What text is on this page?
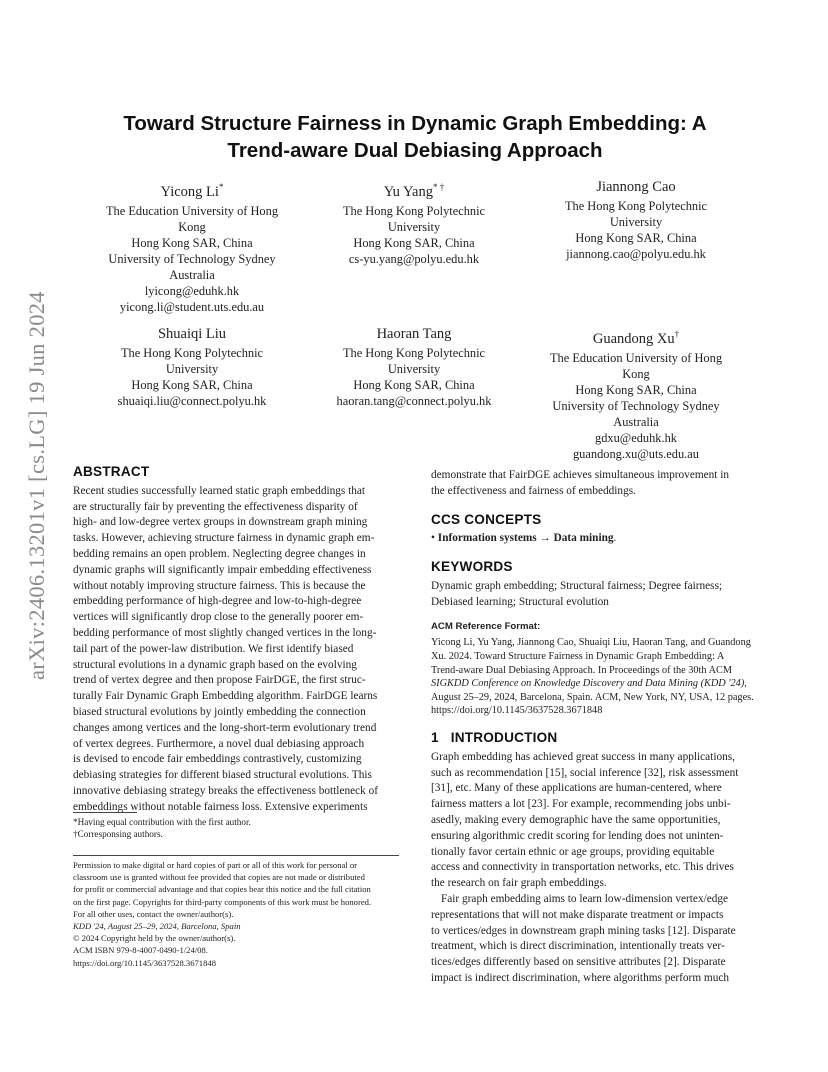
arXiv:2406.13201v1 [cs.LG] 19 Jun 2024
Toward Structure Fairness in Dynamic Graph Embedding: A
Trend-aware Dual Debiasing Approach
Yicong Li*
The Education University of Hong
Kong
Hong Kong SAR, China
University of Technology Sydney
Australia
lyicong@eduhk.hk
yicong.li@student.uts.edu.au
Yu Yang* †
The Hong Kong Polytechnic
University
Hong Kong SAR, China
cs-yu.yang@polyu.edu.hk
Jiannong Cao
The Hong Kong Polytechnic
University
Hong Kong SAR, China
jiannong.cao@polyu.edu.hk
Shuaiqi Liu
The Hong Kong Polytechnic
University
Hong Kong SAR, China
shuaiqi.liu@connect.polyu.hk
Haoran Tang
The Hong Kong Polytechnic
University
Hong Kong SAR, China
haoran.tang@connect.polyu.hk
Guandong Xu†
The Education University of Hong
Kong
Hong Kong SAR, China
University of Technology Sydney
Australia
gdxu@eduhk.hk
guandong.xu@uts.edu.au
ABSTRACT
Recent studies successfully learned static graph embeddings that
are structurally fair by preventing the effectiveness disparity of
high- and low-degree vertex groups in downstream graph mining
tasks. However, achieving structure fairness in dynamic graph em-
bedding remains an open problem. Neglecting degree changes in
dynamic graphs will significantly impair embedding effectiveness
without notably improving structure fairness. This is because the
embedding performance of high-degree and low-to-high-degree
vertices will significantly drop close to the generally poorer em-
bedding performance of most slightly changed vertices in the long-
tail part of the power-law distribution. We first identify biased
structural evolutions in a dynamic graph based on the evolving
trend of vertex degree and then propose FairDGE, the first struc-
turally Fair Dynamic Graph Embedding algorithm. FairDGE learns
biased structural evolutions by jointly embedding the connection
changes among vertices and the long-short-term evolutionary trend
of vertex degrees. Furthermore, a novel dual debiasing approach
is devised to encode fair embeddings contrastively, customizing
debiasing strategies for different biased structural evolutions. This
innovative debiasing strategy breaks the effectiveness bottleneck of
embeddings without notable fairness loss. Extensive experiments
*Having equal contribution with the first author.
†Corresponsing authors.
Permission to make digital or hard copies of part or all of this work for personal or
classroom use is granted without fee provided that copies are not made or distributed
for profit or commercial advantage and that copies bear this notice and the full citation
on the first page. Copyrights for third-party components of this work must be honored.
For all other uses, contact the owner/author(s).
KDD '24, August 25–29, 2024, Barcelona, Spain
© 2024 Copyright held by the owner/author(s).
ACM ISBN 979-8-4007-0490-1/24/08.
https://doi.org/10.1145/3637528.3671848
demonstrate that FairDGE achieves simultaneous improvement in
the effectiveness and fairness of embeddings.
CCS CONCEPTS
• Information systems → Data mining.
KEYWORDS
Dynamic graph embedding; Structural fairness; Degree fairness;
Debiased learning; Structural evolution
ACM Reference Format:
Yicong Li, Yu Yang, Jiannong Cao, Shuaiqi Liu, Haoran Tang, and Guandong
Xu. 2024. Toward Structure Fairness in Dynamic Graph Embedding: A
Trend-aware Dual Debiasing Approach. In Proceedings of the 30th ACM
SIGKDD Conference on Knowledge Discovery and Data Mining (KDD '24),
August 25–29, 2024, Barcelona, Spain. ACM, New York, NY, USA, 12 pages.
https://doi.org/10.1145/3637528.3671848
1 INTRODUCTION
Graph embedding has achieved great success in many applications,
such as recommendation [15], social inference [32], risk assessment
[31], etc. Many of these applications are human-centered, where
fairness matters a lot [23]. For example, recommending jobs unbi-
asedly, making every demographic have the same opportunities,
ensuring algorithmic credit scoring for lending does not uninten-
tionally favor certain ethnic or age groups, providing equitable
access and connectivity in transportation networks, etc. This drives
the research on fair graph embeddings.
Fair graph embedding aims to learn low-dimension vertex/edge
representations that will not make disparate treatment or impacts
to vertices/edges in downstream graph mining tasks [12]. Disparate
treatment, which is direct discrimination, intentionally treats ver-
tices/edges differently based on sensitive attributes [2]. Disparate
impact is indirect discrimination, where algorithms perform much
